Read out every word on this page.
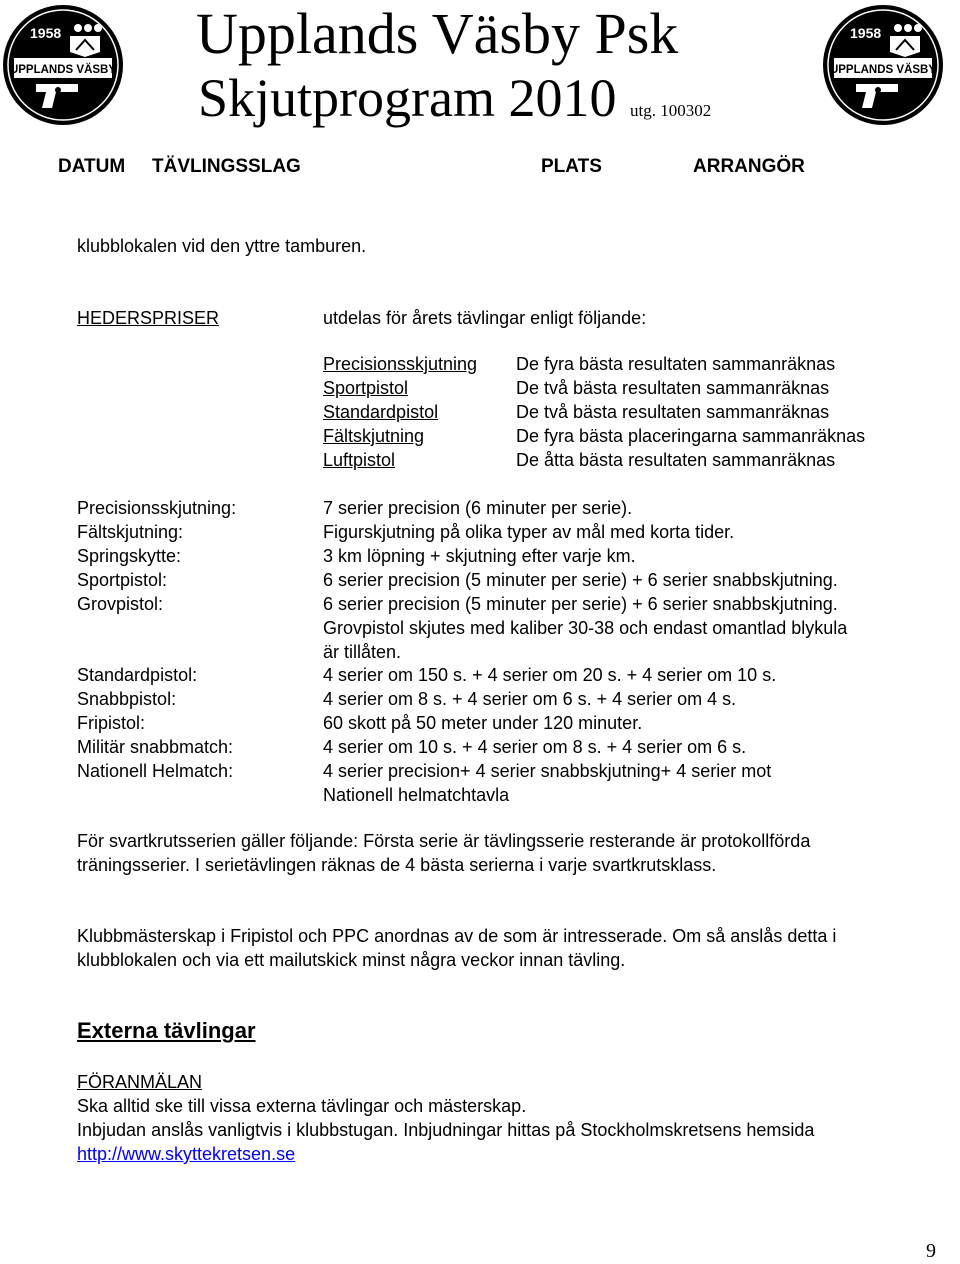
1958
UPPLANDS VÄSBY
1958
UPPLANDS VÄSBY
Upplands Väsby Psk
Skjutprogram 2010 utg. 100302
DATUM TÄVLINGSSLAG	PLATS	ARRANGÖR
klubblokalen vid den yttre tamburen.
HEDERSPRISER	utdelas för årets tävlingar enligt följande:
Precisionsskjutning De fyra bästa resultaten sammanräknas
Sportpistol	De två bästa resultaten sammanräknas
Standardpistol	De två bästa resultaten sammanräknas
Fältskjutning	De fyra bästa placeringarna sammanräknas
Luftpistol	De åtta bästa resultaten sammanräknas
Precisionsskjutning:	7 serier precision (6 minuter per serie).
Fältskjutning:	Figurskjutning på olika typer av mål med korta tider.
Springskytte:	3 km löpning + skjutning efter varje km.
Sportpistol:	6 serier precision (5 minuter per serie) + 6 serier snabbskjutning.
Grovpistol:	6 serier precision (5 minuter per serie) + 6 serier snabbskjutning.
Grovpistol skjutes med kaliber 30-38 och endast omantlad blykula
är tillåten.
Standardpistol:	4 serier om 150 s. + 4 serier om 20 s. + 4 serier om 10 s.
Snabbpistol:	4 serier om 8 s. + 4 serier om 6 s. + 4 serier om 4 s.
Fripistol:	60 skott på 50 meter under 120 minuter.
Militär snabbmatch:	4 serier om 10 s. + 4 serier om 8 s. + 4 serier om 6 s.
Nationell Helmatch:	4 serier precision+ 4 serier snabbskjutning+ 4 serier mot
Nationell helmatchtavla
För svartkrutsserien gäller följande: Första serie är tävlingsserie resterande är protokollförda
träningsserier. I serietävlingen räknas de 4 bästa serierna i varje svartkrutsklass.
Klubbmästerskap i Fripistol och PPC anordnas av de som är intresserade. Om så anslås detta i
klubblokalen och via ett mailutskick minst några veckor innan tävling.
Externa tävlingar
FÖRANMÄLAN
Ska alltid ske till vissa externa tävlingar och mästerskap.
Inbjudan anslås vanligtvis i klubbstugan. Inbjudningar hittas på Stockholmskretsens hemsida
http://www.skyttekretsen.se
9
